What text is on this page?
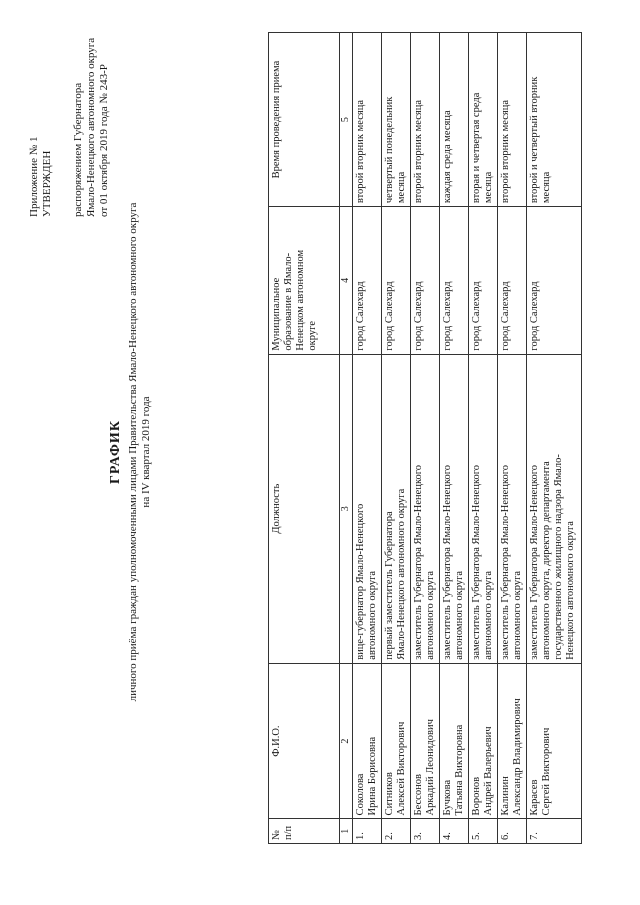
Приложение № 1 УТВЕРЖДЕН распоряжением Губернатора Ямало-Ненецкого автономного округа от 01 октября 2019 года № 243-Р
ГРАФИК личного приёма граждан уполномоченными лицами Правительства Ямало-Ненецкого автономного округа на IV квартал 2019 года
№ п/п	Ф.И.О.	Должность	Муниципальное образование в Ямало- Ненецком автономном округе	Время проведения приема
1	2	3	4	5
1.	Соколова Ирина Борисовна	вице-губернатор Ямало-Ненецкого автономного округа	город Салехард	второй вторник месяца

2.	Ситников Алексей Викторович	первый заместитель Губернатора Ямало-Ненецкого автономного округа	город Салехард	четвертый понедельник месяца

3.	Бессонов Аркадий Леонидович	заместитель Губернатора Ямало-Ненецкого автономного округа	город Салехард	второй вторник месяца

4.	Бучкова Татьяна Викторовна	заместитель Губернатора Ямало-Ненецкого автономного округа	город Салехард	каждая среда месяца

5.	Воронов Андрей Валерьевич	заместитель Губернатора Ямало-Ненецкого автономного округа	город Салехард	вторая и четвертая среда месяца

6.	Калинин Александр Владимирович	заместитель Губернатора Ямало-Ненецкого автономного округа	город Салехард	второй вторник месяца

7.	Карасев Сергей Викторович	заместитель Губернатора Ямало-Ненецкого автономного округа, директор департамента государственного жилищного надзора Ямало- Ненецкого автономного округа	город Салехард	второй и четвертый вторник месяца
